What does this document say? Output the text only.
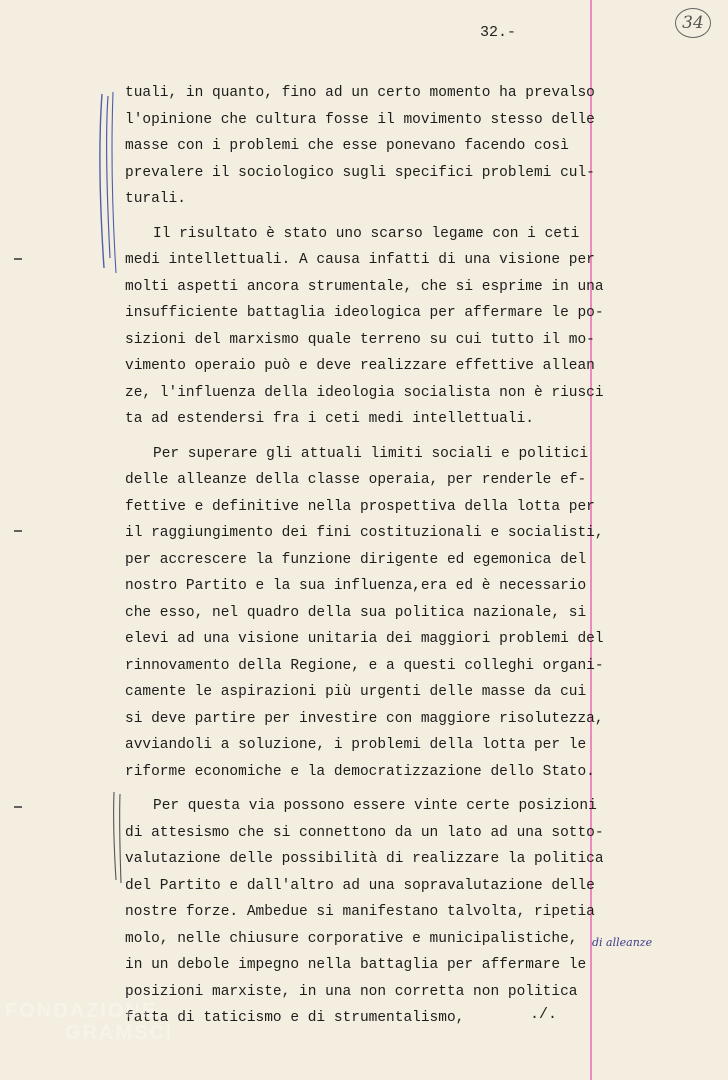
32.-	34
tuali, in quanto, fino ad un certo momento ha prevalso
l'opinione che cultura fosse il movimento stesso delle
masse con i problemi che esse ponevano facendo così
prevalere il sociologico sugli specifici problemi cul-
turali.
Il risultato è stato uno scarso legame con i ceti
medi intellettuali. A causa infatti di una visione per
molti aspetti ancora strumentale, che si esprime in una
insufficiente battaglia ideologica per affermare le po-
sizioni del marxismo quale terreno su cui tutto il mo-
vimento operaio può e deve realizzare effettive allean
ze, l'influenza della ideologia socialista non è riusci
ta ad estendersi fra i ceti medi intellettuali.
Per superare gli attuali limiti sociali e politici
delle alleanze della classe operaia, per renderle ef-
fettive e definitive nella prospettiva della lotta per
il raggiungimento dei fini costituzionali e socialisti,
per accrescere la funzione dirigente ed egemonica del
nostro Partito e la sua influenza,era ed è necessario
che esso, nel quadro della sua politica nazionale, si
elevi ad una visione unitaria dei maggiori problemi del
rinnovamento della Regione, e a questi colleghi organi-
camente le aspirazioni più urgenti delle masse da cui
si deve partire per investire con maggiore risolutezza,
avviandoli a soluzione, i problemi della lotta per le
riforme economiche e la democratizzazione dello Stato.
Per questa via possono essere vinte certe posizioni
di attesismo che si connettono da un lato ad una sotto-
valutazione delle possibilità di realizzare la politica
del Partito e dall'altro ad una sopravalutazione delle
nostre forze. Ambedue si manifestano talvolta, ripetia
molo, nelle chiusure corporative e municipalistiche,
in un debole impegno nella battaglia per affermare le
posizioni marxiste, in una non corretta non politica
fatta di taticismo e di strumentalismo,
di alleanze
./.
FONDAZIONE
GRAMSCI
